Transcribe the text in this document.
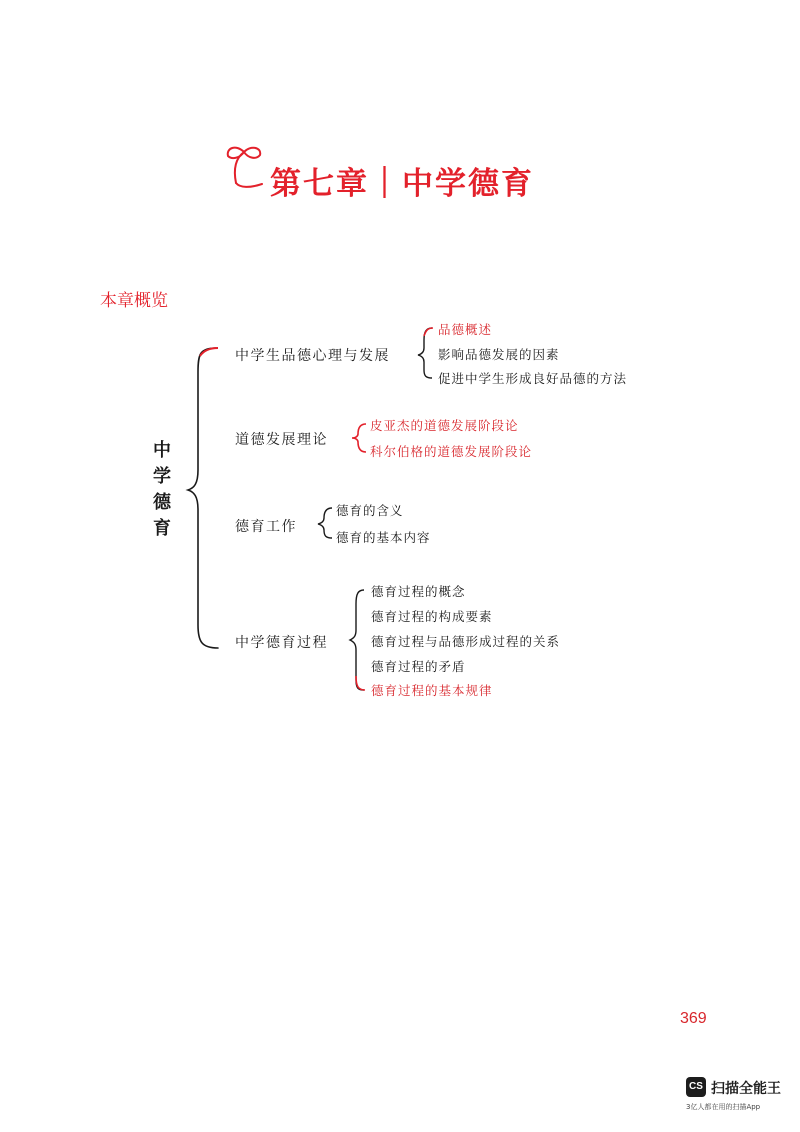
第七章｜中学德育
本章概览
中
学
德
育
中学生品德心理与发展
品德概述
影响品德发展的因素
促进中学生形成良好品德的方法
道德发展理论
皮亚杰的道德发展阶段论
科尔伯格的道德发展阶段论
德育工作
德育的含义
德育的基本内容
中学德育过程
德育过程的概念
德育过程的构成要素
德育过程与品德形成过程的关系
德育过程的矛盾
德育过程的基本规律
369
CS 扫描全能王
3亿人都在用的扫描App
